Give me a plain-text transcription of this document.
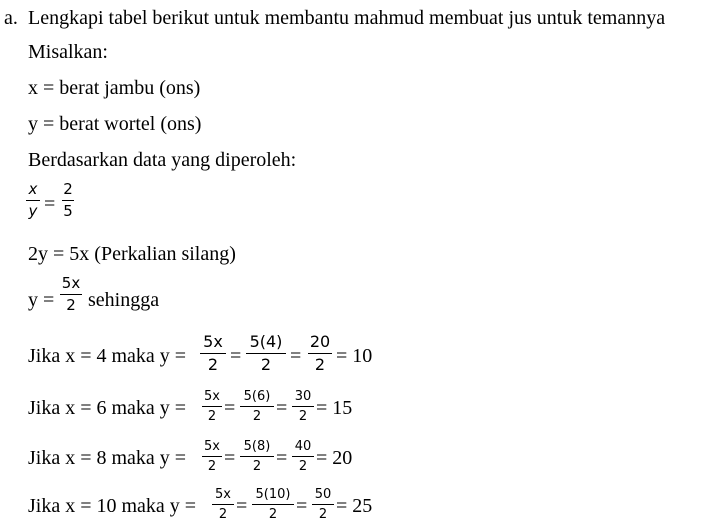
a. Lengkapi tabel berikut untuk membantu mahmud membuat jus untuk temannya
Misalkan:
x = berat jambu (ons)
y = berat wortel (ons)
Berdasarkan data yang diperoleh:
x
y =
2
5
2y = 5x (Perkalian silang)
y =
5x
2 sehingga
Jika x = 4 maka y =
5x
2 =
5(4)
2 =
20
2 = 10
Jika x = 6 maka y =
5x
2 =
5(6)
2 =
30
2 = 15
Jika x = 8 maka y =
5x
2 =
5(8)
2 =
40
2 = 20
Jika x = 10 maka y =
5x
2 =
5(10)
2 =
50
2 = 25
